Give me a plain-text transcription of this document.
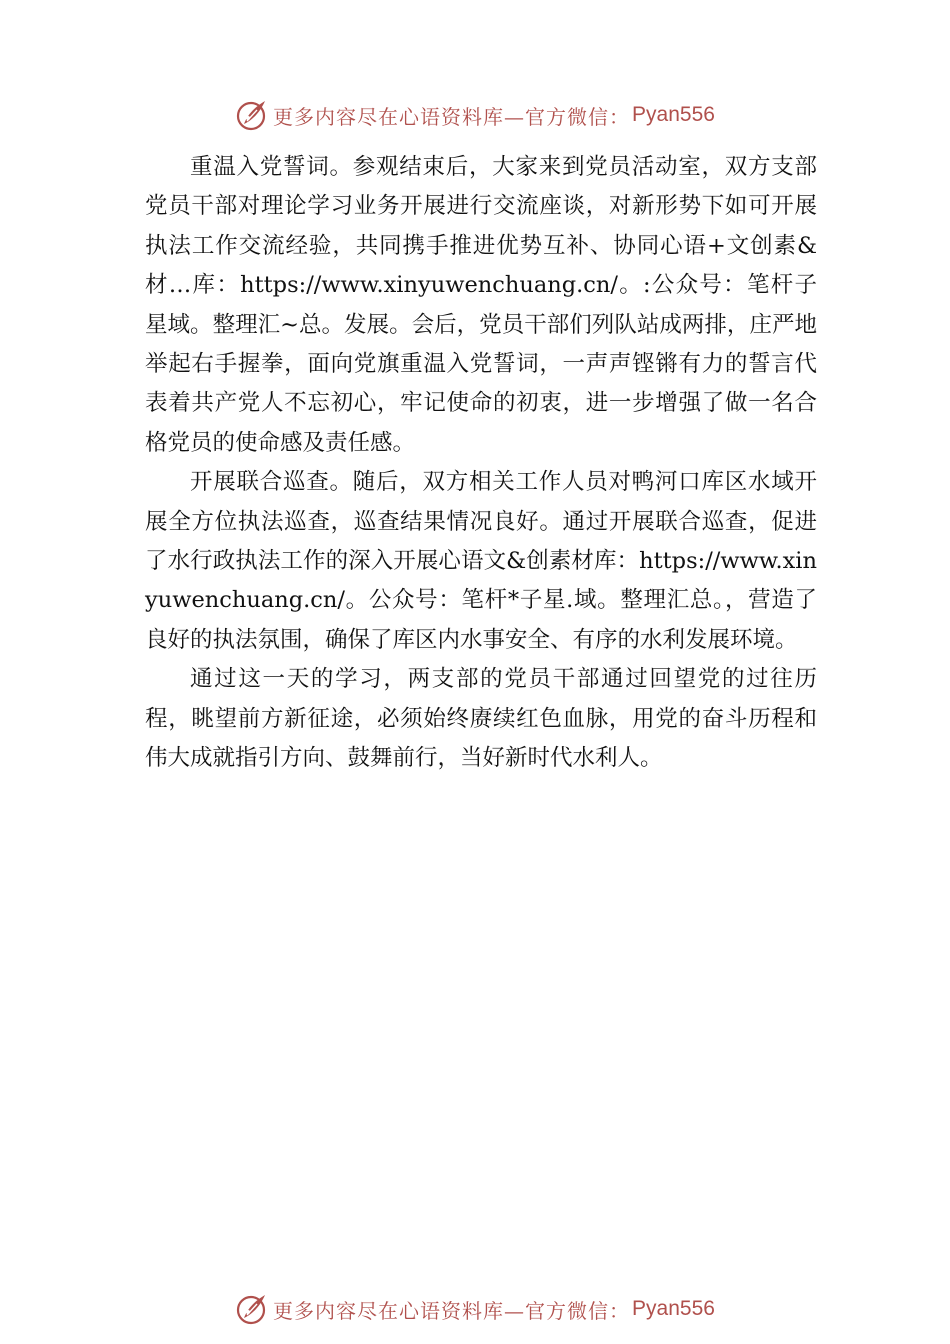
更多内容尽在心语资料库—官方微信： Pyan556

重温入党誓词。参观结束后，大家来到党员活动室，双方支部党员干部对理论学习业务开展进行交流座谈，对新形势下如可开展执法工作交流经验，共同携手推进优势互补、协同心语+文创素&材…库：https://www.xinyuwenchuang.cn/。:公众号：笔杆子星域。整理汇~总。发展。会后，党员干部们列队站成两排，庄严地举起右手握拳，面向党旗重温入党誓词，一声声铿锵有力的誓言代表着共产党人不忘初心，牢记使命的初衷，进一步增强了做一名合格党员的使命感及责任感。

开展联合巡查。随后，双方相关工作人员对鸭河口库区水域开展全方位执法巡查，巡查结果情况良好。通过开展联合巡查，促进了水行政执法工作的深入开展心语文&创素材库：https://www.xinyuwenchuang.cn/。公众号：笔杆*子星.域。整理汇总。，营造了良好的执法氛围，确保了库区内水事安全、有序的水利发展环境。

通过这一天的学习，两支部的党员干部通过回望党的过往历程，眺望前方新征途，必须始终赓续红色血脉，用党的奋斗历程和伟大成就指引方向、鼓舞前行，当好新时代水利人。

更多内容尽在心语资料库—官方微信： Pyan556
